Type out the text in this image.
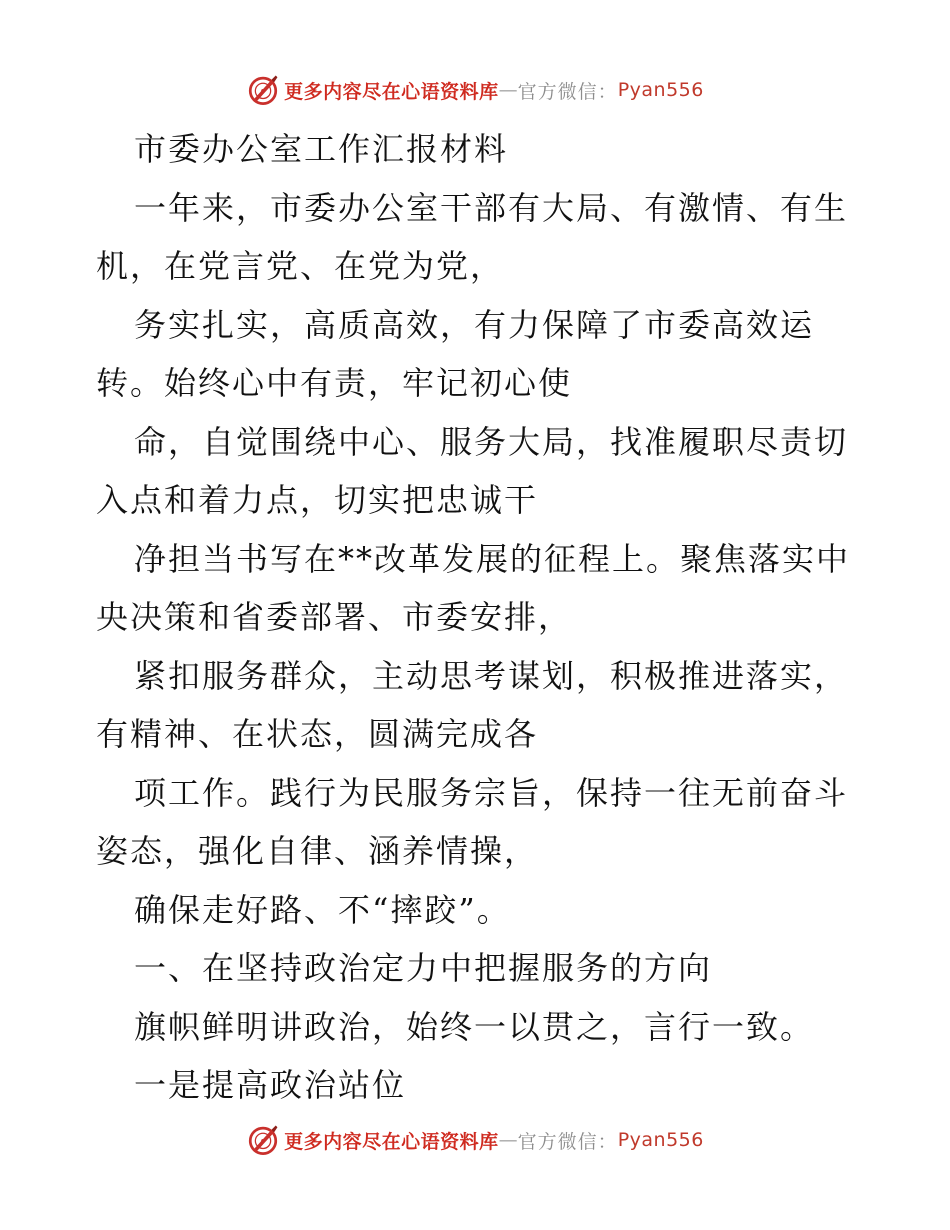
更多内容尽在心语资料库 — 官方微信： Pyan556
市委办公室工作汇报材料
一年来，市委办公室干部有大局、有激情、有生
机，在党言党、在党为党，
务实扎实，高质高效，有力保障了市委高效运
转。始终心中有责，牢记初心使
命，自觉围绕中心、服务大局，找准履职尽责切
入点和着力点，切实把忠诚干
净担当书写在**改革发展的征程上。聚焦落实中
央决策和省委部署、市委安排，
紧扣服务群众，主动思考谋划，积极推进落实，
有精神、在状态，圆满完成各
项工作。践行为民服务宗旨，保持一往无前奋斗
姿态，强化自律、涵养情操，
确保走好路、不“摔跤”。
一、在坚持政治定力中把握服务的方向
旗帜鲜明讲政治，始终一以贯之，言行一致。
一是提高政治站位
更多内容尽在心语资料库 — 官方微信： Pyan556
